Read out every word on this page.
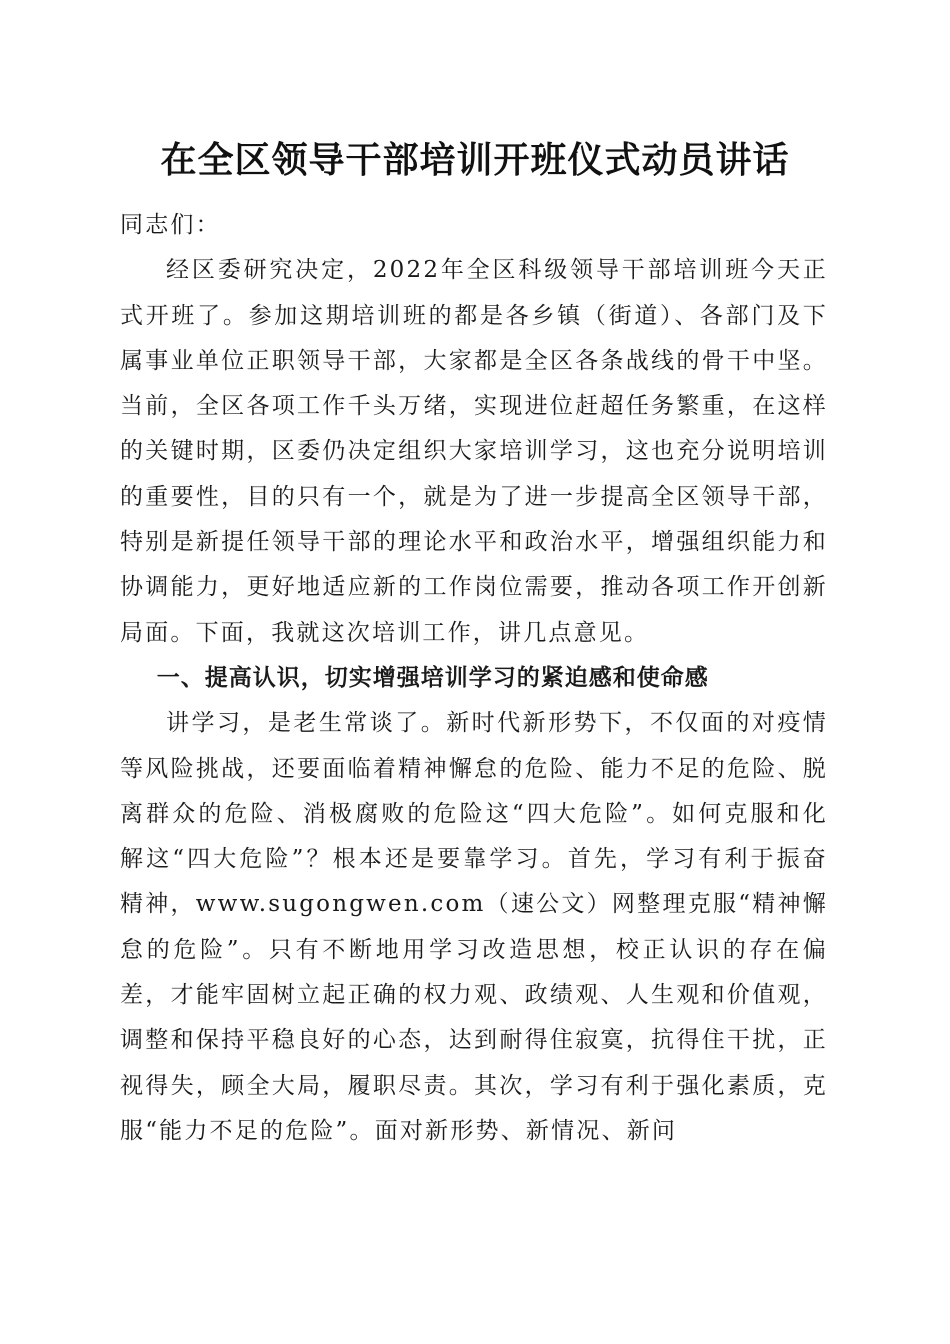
在全区领导干部培训开班仪式动员讲话

同志们：

经区委研究决定，2022年全区科级领导干部培训班今天正式开班了。参加这期培训班的都是各乡镇（街道）、各部门及下属事业单位正职领导干部，大家都是全区各条战线的骨干中坚。当前，全区各项工作千头万绪，实现进位赶超任务繁重，在这样的关键时期，区委仍决定组织大家培训学习，这也充分说明培训的重要性，目的只有一个，就是为了进一步提高全区领导干部，特别是新提任领导干部的理论水平和政治水平，增强组织能力和协调能力，更好地适应新的工作岗位需要，推动各项工作开创新局面。下面，我就这次培训工作，讲几点意见。

一、提高认识，切实增强培训学习的紧迫感和使命感

讲学习，是老生常谈了。新时代新形势下，不仅面的对疫情等风险挑战，还要面临着精神懈怠的危险、能力不足的危险、脱离群众的危险、消极腐败的危险这“四大危险”。如何克服和化解这“四大危险”？根本还是要靠学习。首先，学习有利于振奋精神，www.sugongwen.com（速公文）网整理克服“精神懈怠的危险”。只有不断地用学习改造思想，校正认识的存在偏差，才能牢固树立起正确的权力观、政绩观、人生观和价值观，调整和保持平稳良好的心态，达到耐得住寂寞，抗得住干扰，正视得失，顾全大局，履职尽责。其次，学习有利于强化素质，克服“能力不足的危险”。面对新形势、新情况、新问
